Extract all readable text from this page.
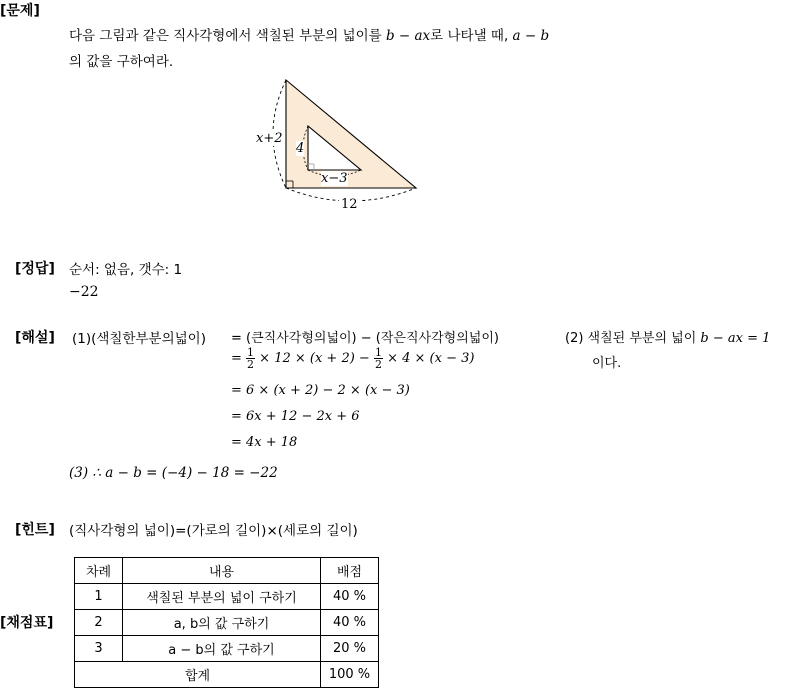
[문제]
다음 그림과 같은 직사각형에서 색칠된 부분의 넓이를 b − ax로 나타낼 때, a − b
의 값을 구하여라.
x+2
4
x−3
12
[정답] 순서: 없음, 갯수: 1
−22
[해설] (1)(색칠한부분의넓이) = (큰직사각형의넓이) − (작은직사각형의넓이)
= $\frac{1}{2} \times 12 \times (x + 2) - \frac{1}{2} \times 4 \times (x - 3)$
= 6 × (x + 2) − 2 × (x − 3)
= 6x + 12 − 2x + 6
= 4x + 18
(2) 색칠된 부분의 넓이 b − ax = 1
이다.
(3) ∴ a − b = (−4) − 18 = −22
[힌트] (직사각형의 넓이)=(가로의 길이)×(세로의 길이)
[채점표]
차례	내용	배점
1	색칠된 부분의 넓이 구하기	40 %
2	a, b의 값 구하기	40 %
3	a − b의 값 구하기	20 %
합계		100 %
